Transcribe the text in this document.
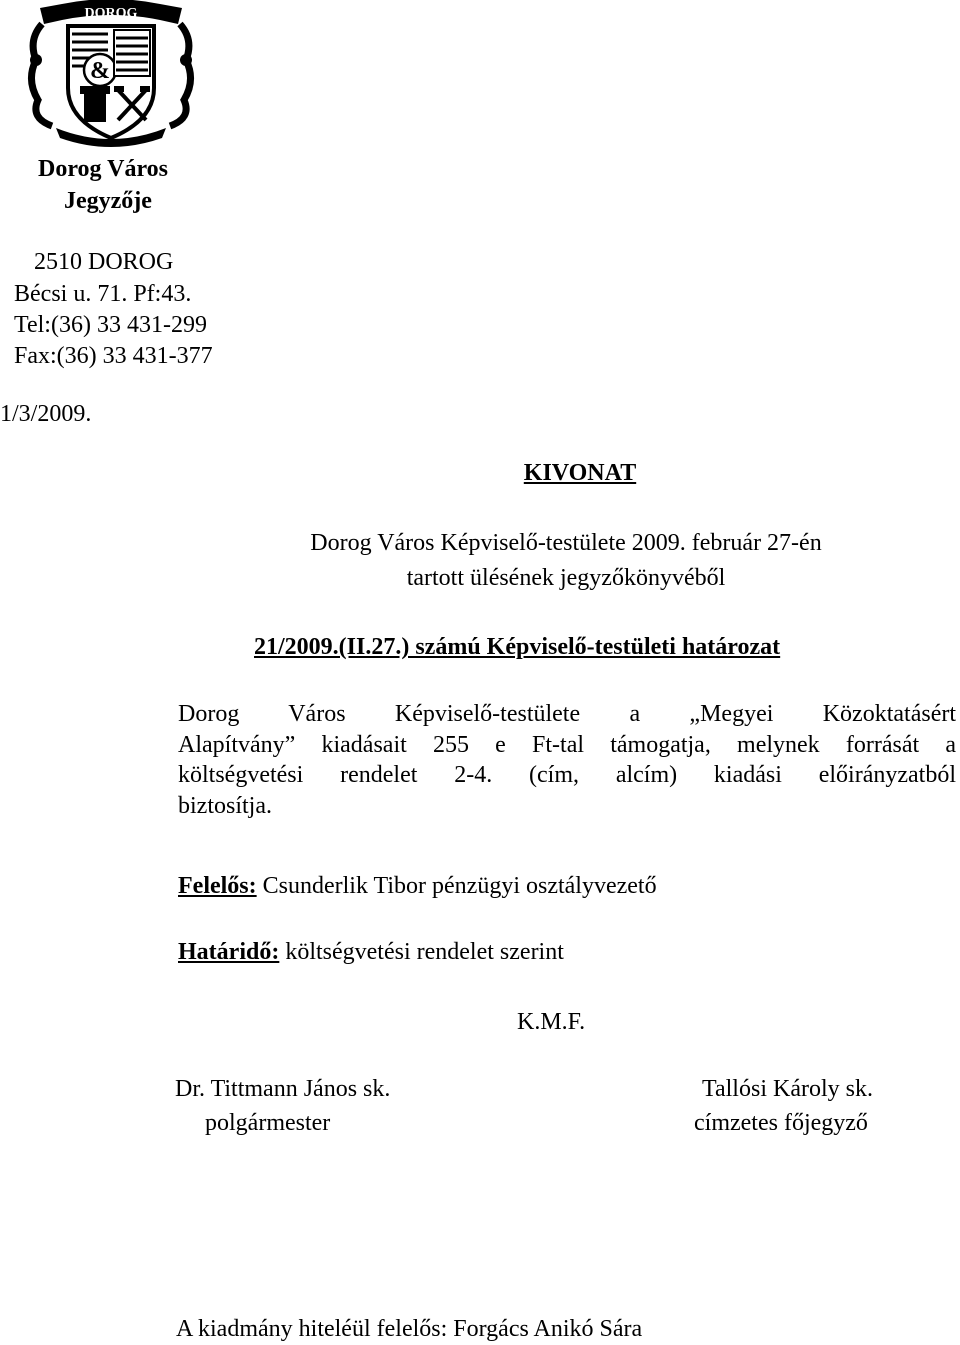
DOROG
&
Dorog Város
Jegyzője
2510 DOROG
Bécsi u. 71. Pf:43.
Tel:(36) 33 431-299
Fax:(36) 33 431-377
1/3/2009.
KIVONAT
Dorog Város Képviselő-testülete 2009. február 27-én
tartott ülésének jegyzőkönyvéből
21/2009.(II.27.) számú Képviselő-testületi határozat
Dorog Város Képviselő-testülete a „Megyei Közoktatásért
Alapítvány” kiadásait 255 e Ft-tal támogatja, melynek forrását a
költségvetési rendelet 2-4. (cím, alcím) kiadási előirányzatból
biztosítja.
Felelős: Csunderlik Tibor pénzügyi osztályvezető
Határidő: költségvetési rendelet szerint
K.M.F.
Dr. Tittmann János sk.
polgármester
Tallósi Károly sk.
címzetes főjegyző
A kiadmány hiteléül felelős: Forgács Anikó Sára
